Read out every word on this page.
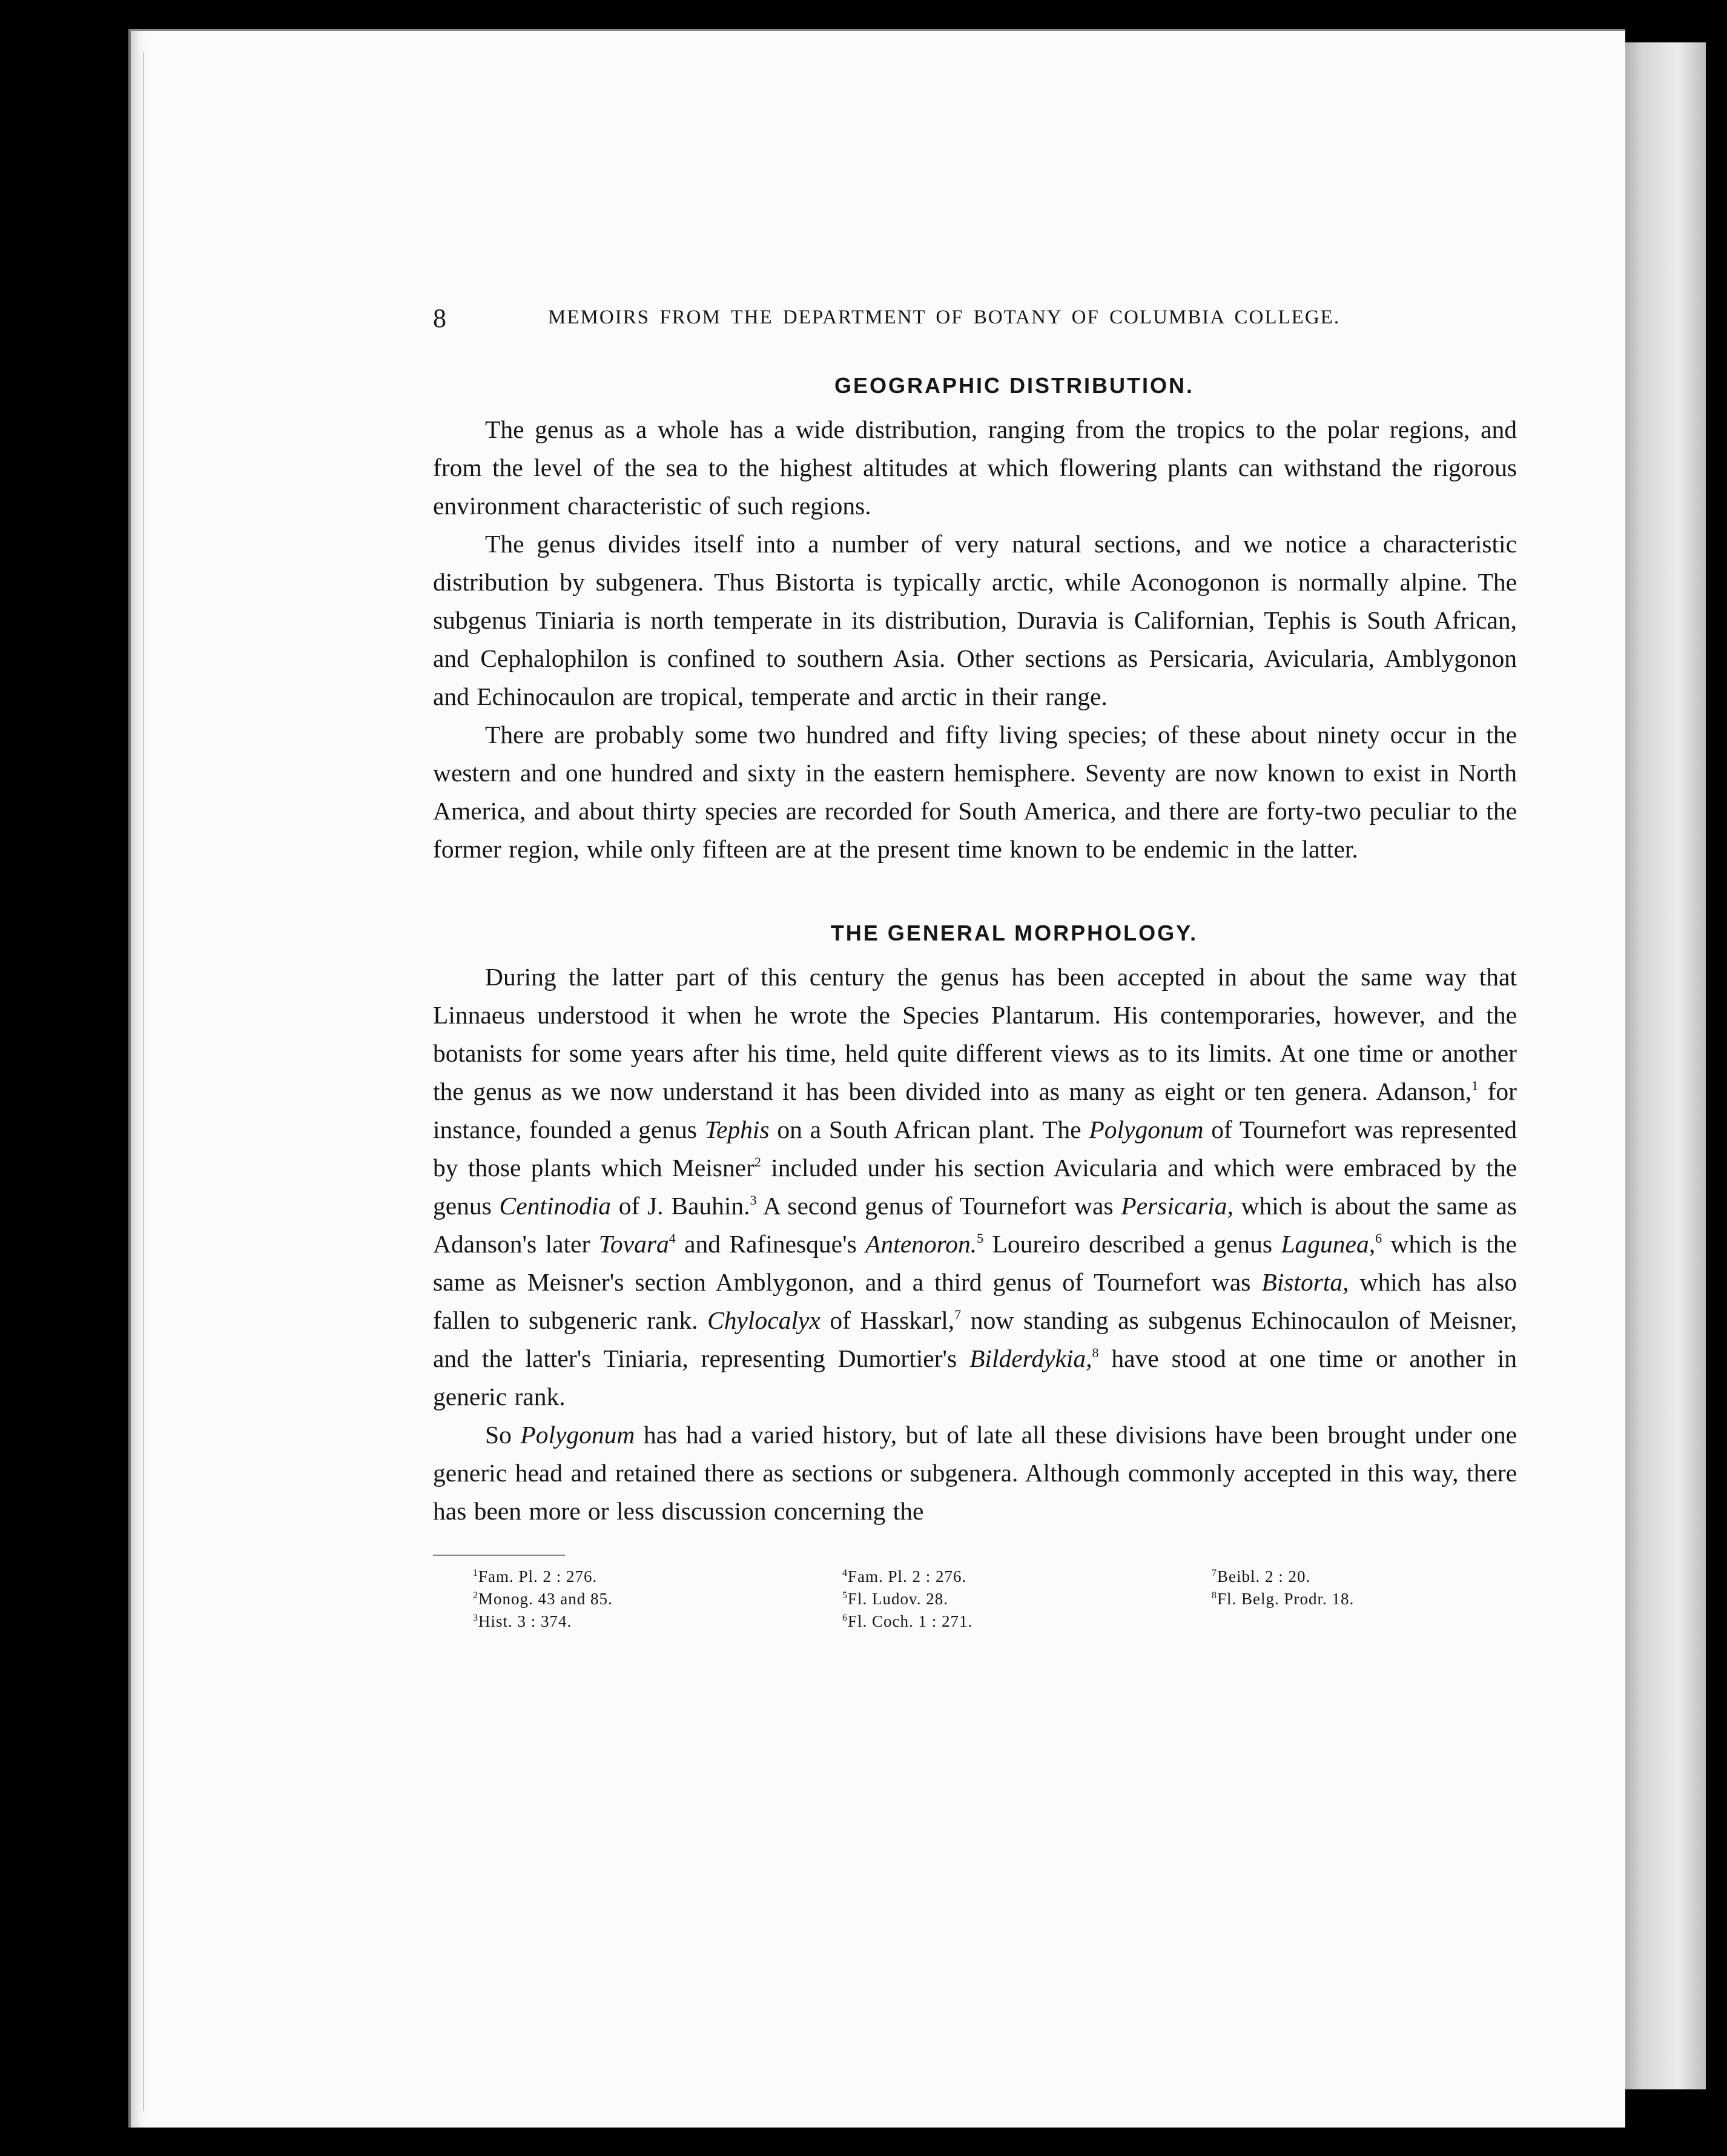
8	MEMOIRS FROM THE DEPARTMENT OF BOTANY OF COLUMBIA COLLEGE.
GEOGRAPHIC DISTRIBUTION.

The genus as a whole has a wide distribution, ranging from the tropics to the polar regions, and from the level of the sea to the highest altitudes at which flowering plants can withstand the rigorous environment characteristic of such regions.

The genus divides itself into a number of very natural sections, and we notice a characteristic distribution by subgenera. Thus Bistorta is typically arctic, while Aconogonon is normally alpine. The subgenus Tiniaria is north temperate in its distribution, Duravia is Californian, Tephis is South African, and Cephalophilon is confined to southern Asia. Other sections as Persicaria, Avicularia, Amblygonon and Echinocaulon are tropical, temperate and arctic in their range.

There are probably some two hundred and fifty living species; of these about ninety occur in the western and one hundred and sixty in the eastern hemisphere. Seventy are now known to exist in North America, and about thirty species are recorded for South America, and there are forty-two peculiar to the former region, while only fifteen are at the present time known to be endemic in the latter.

THE GENERAL MORPHOLOGY.

During the latter part of this century the genus has been accepted in about the same way that Linnaeus understood it when he wrote the Species Plantarum. His contemporaries, however, and the botanists for some years after his time, held quite different views as to its limits. At one time or another the genus as we now understand it has been divided into as many as eight or ten genera. Adanson,$^1$ for instance, founded a genus Tephis on a South African plant. The Polygonum of Tournefort was represented by those plants which Meisner$^2$ included under his section Avicularia and which were embraced by the genus Centinodia of J. Bauhin.$^3$ A second genus of Tournefort was Persicaria, which is about the same as Adanson's later Tovara$^4$ and Rafinesque's Antenoron.$^5$ Loureiro described a genus Lagunea,$^6$ which is the same as Meisner's section Amblygonon, and a third genus of Tournefort was Bistorta, which has also fallen to subgeneric rank. Chylocalyx of Hasskarl,$^7$ now standing as subgenus Echinocaulon of Meisner, and the latter's Tiniaria, representing Dumortier's Bilderdykia,$^8$ have stood at one time or another in generic rank.

So Polygonum has had a varied history, but of late all these divisions have been brought under one generic head and retained there as sections or subgenera. Although commonly accepted in this way, there has been more or less discussion concerning the

$^1$Fam. Pl. 2 : 276.	$^4$Fam. Pl. 2 : 276.	$^7$Beibl. 2 : 20.
$^2$Monog. 43 and 85.	$^5$Fl. Ludov. 28.	$^8$Fl. Belg. Prodr. 18.
$^3$Hist. 3 : 374.	$^6$Fl. Coch. 1 : 271.
